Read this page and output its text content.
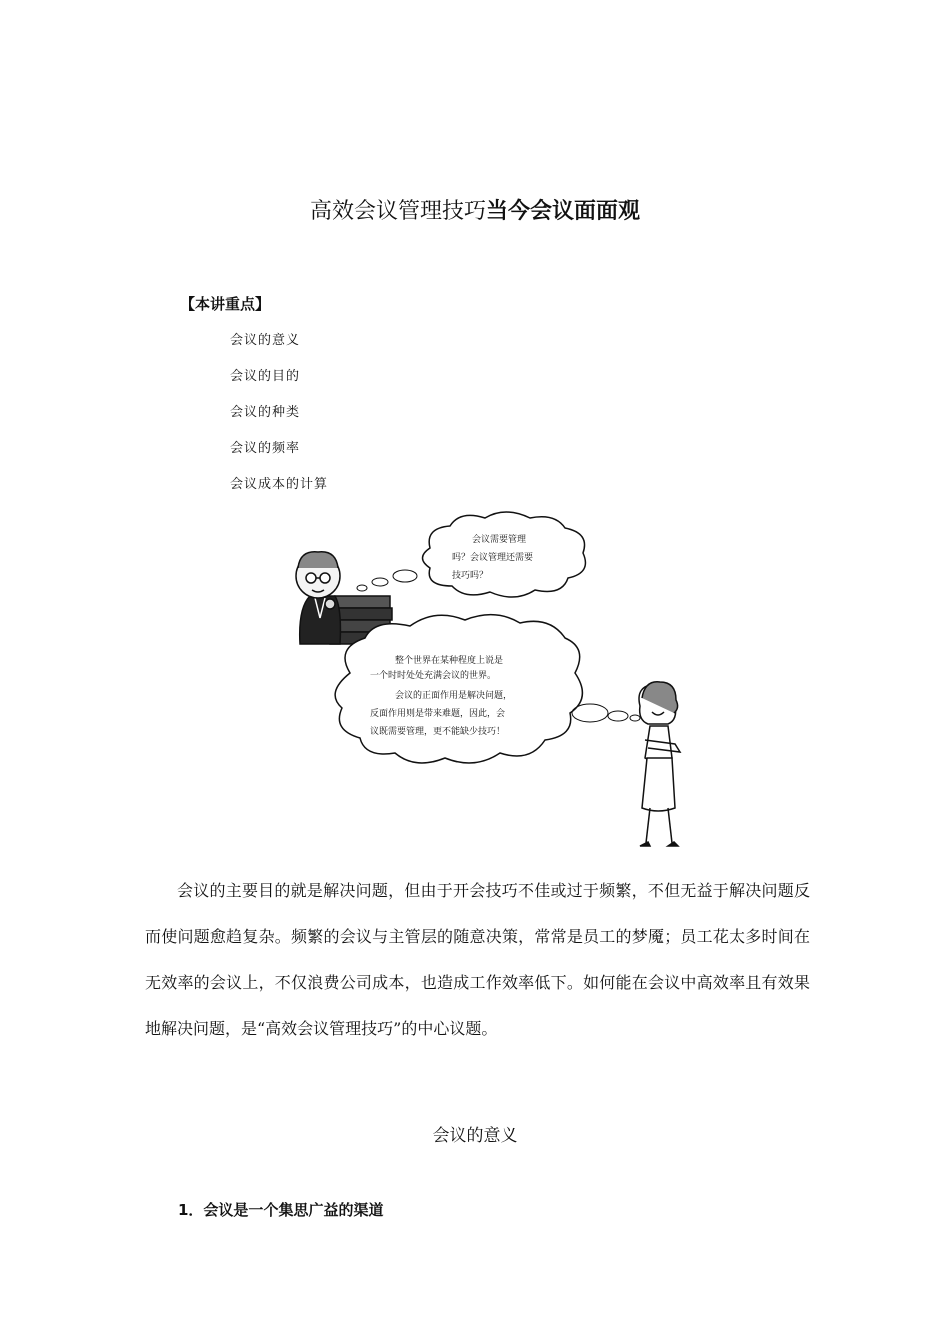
高效会议管理技巧当今会议面面观
【本讲重点】
会议的意义
会议的目的
会议的种类
会议的频率
会议成本的计算
会议需要管理
吗？会议管理还需要
技巧吗？
整个世界在某种程度上说是
一个时时处处充满会议的世界。
会议的正面作用是解决问题，
反面作用则是带来难题，因此，会
议既需要管理，更不能缺少技巧！

会议的主要目的就是解决问题，但由于开会技巧不佳或过于频繁，不但无益于解决问题反而使问题愈趋复杂。频繁的会议与主管层的随意决策，常常是员工的梦魇；员工花太多时间在无效率的会议上，不仅浪费公司成本，也造成工作效率低下。如何能在会议中高效率且有效果地解决问题，是“高效会议管理技巧”的中心议题。

会议的意义
1．会议是一个集思广益的渠道
